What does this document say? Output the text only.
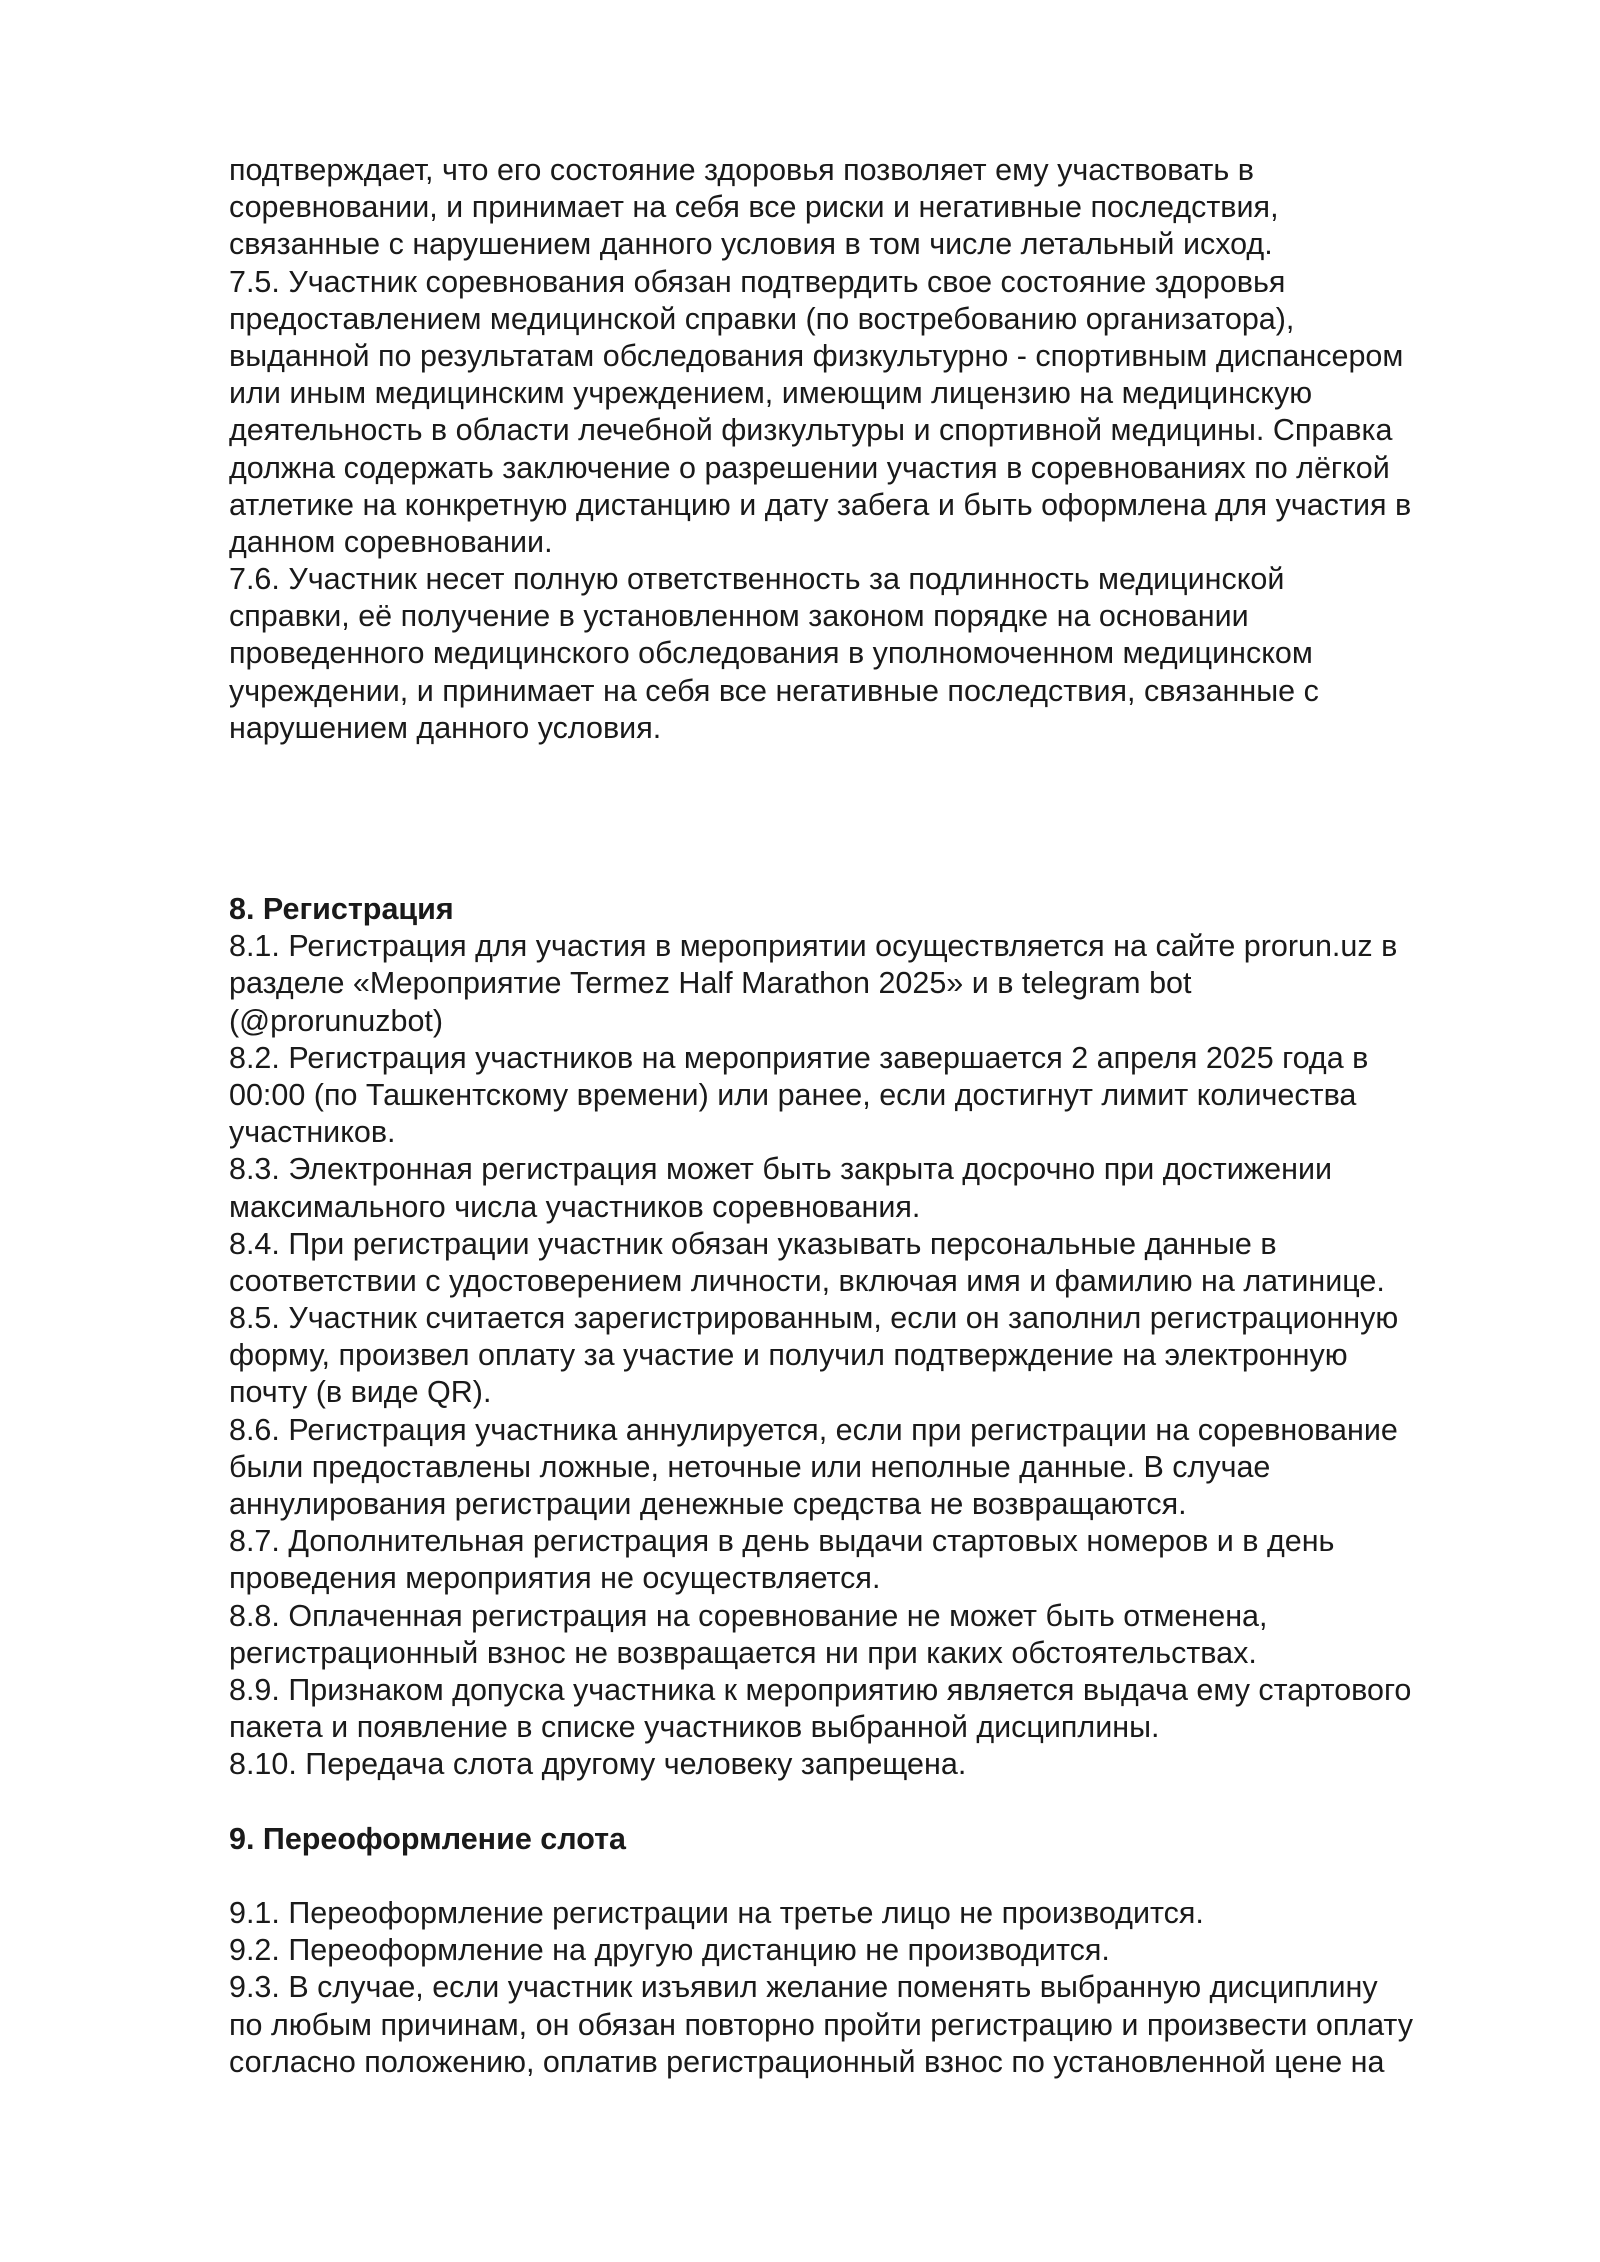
подтверждает, что его состояние здоровья позволяет ему участвовать в
соревновании, и принимает на себя все риски и негативные последствия,
связанные с нарушением данного условия в том числе летальный исход.
7.5. Участник соревнования обязан подтвердить свое состояние здоровья
предоставлением медицинской справки (по востребованию организатора),
выданной по результатам обследования физкультурно - спортивным диспансером
или иным медицинским учреждением, имеющим лицензию на медицинскую
деятельность в области лечебной физкультуры и спортивной медицины. Справка
должна содержать заключение о разрешении участия в соревнованиях по лёгкой
атлетике на конкретную дистанцию и дату забега и быть оформлена для участия в
данном соревновании.
7.6. Участник несет полную ответственность за подлинность медицинской
справки, её получение в установленном законом порядке на основании
проведенного медицинского обследования в уполномоченном медицинском
учреждении, и принимает на себя все негативные последствия, связанные с
нарушением данного условия.
8. Регистрация
8.1. Регистрация для участия в мероприятии осуществляется на сайте prorun.uz в
разделе «Мероприятие Termez Half Marathon 2025» и в telegram bot
(@prorunuzbot)
8.2. Регистрация участников на мероприятие завершается 2 апреля 2025 года в
00:00 (по Ташкентскому времени) или ранее, если достигнут лимит количества
участников.
8.3. Электронная регистрация может быть закрыта досрочно при достижении
максимального числа участников соревнования.
8.4. При регистрации участник обязан указывать персональные данные в
соответствии с удостоверением личности, включая имя и фамилию на латинице.
8.5. Участник считается зарегистрированным, если он заполнил регистрационную
форму, произвел оплату за участие и получил подтверждение на электронную
почту (в виде QR).
8.6. Регистрация участника аннулируется, если при регистрации на соревнование
были предоставлены ложные, неточные или неполные данные. В случае
аннулирования регистрации денежные средства не возвращаются.
8.7. Дополнительная регистрация в день выдачи стартовых номеров и в день
проведения мероприятия не осуществляется.
8.8. Оплаченная регистрация на соревнование не может быть отменена,
регистрационный взнос не возвращается ни при каких обстоятельствах.
8.9. Признаком допуска участника к мероприятию является выдача ему стартового
пакета и появление в списке участников выбранной дисциплины.
8.10. Передача слота другому человеку запрещена.
9. Переоформление слота
9.1. Переоформление регистрации на третье лицо не производится.
9.2. Переоформление на другую дистанцию не производится.
9.3. В случае, если участник изъявил желание поменять выбранную дисциплину
по любым причинам, он обязан повторно пройти регистрацию и произвести оплату
согласно положению, оплатив регистрационный взнос по установленной цене на
